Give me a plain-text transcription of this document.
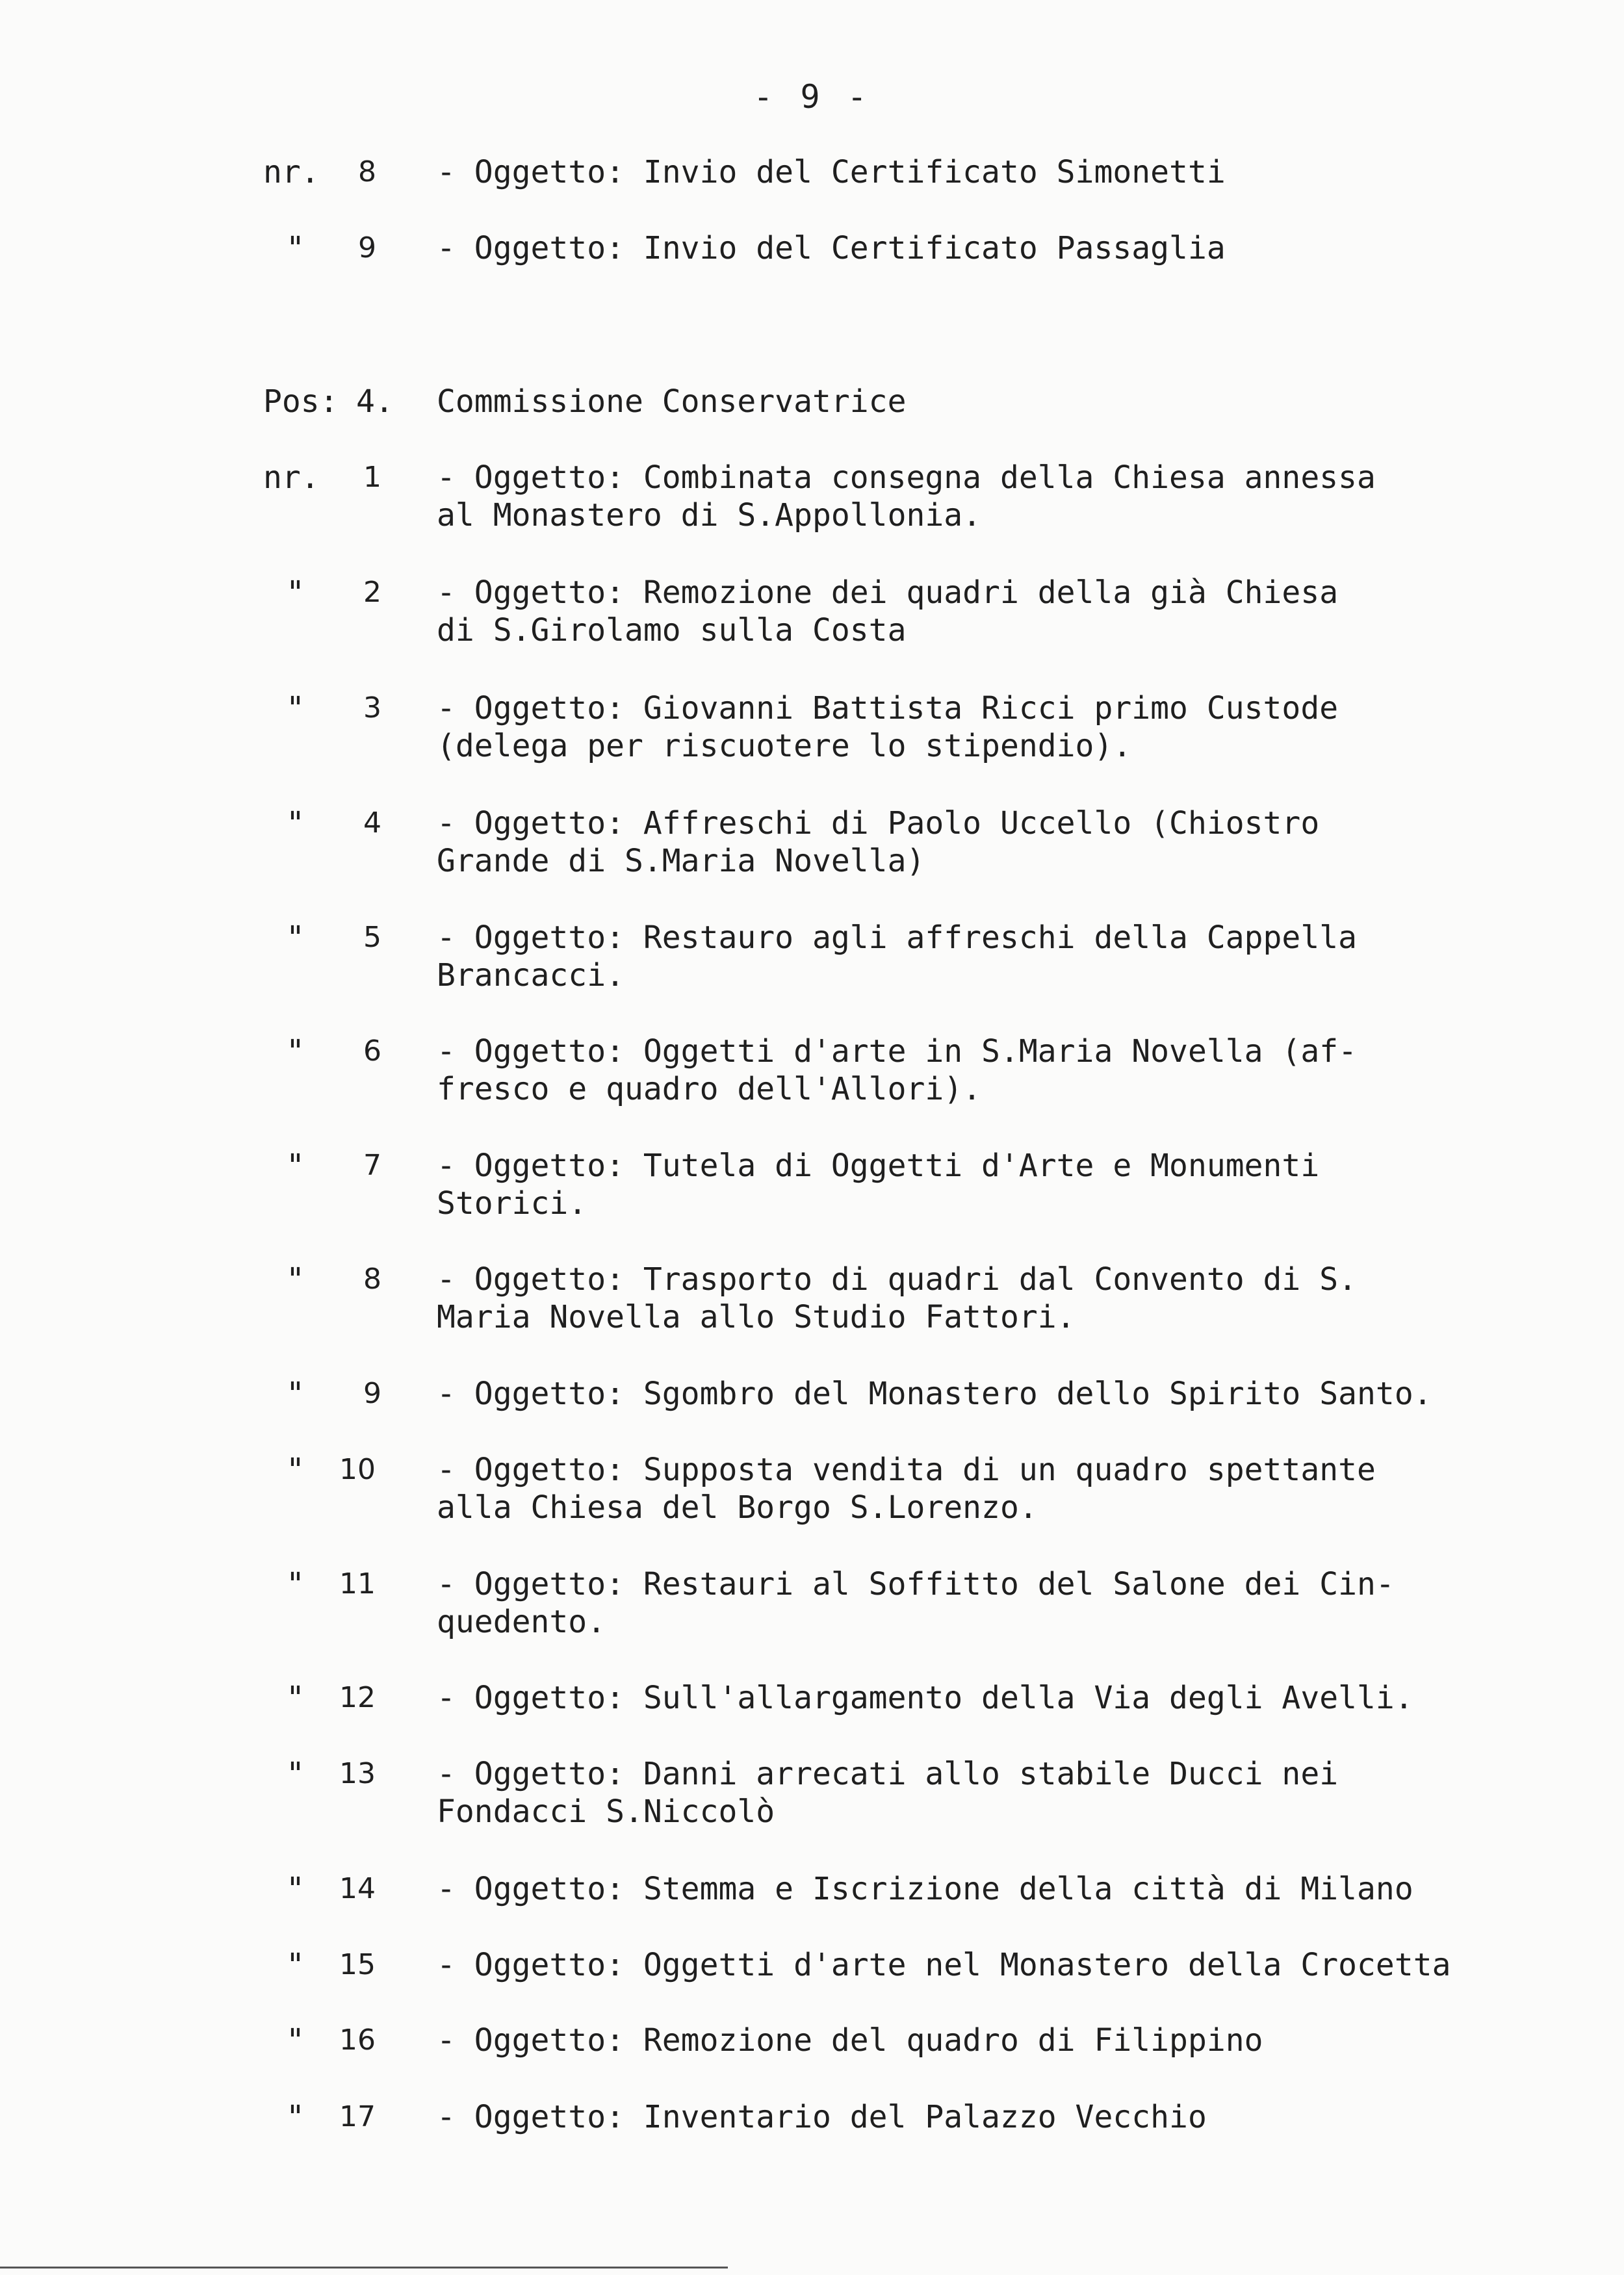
- 9 -
nr.	8	- Oggetto: Invio del Certificato Simonetti
"	9	- Oggetto: Invio del Certificato Passaglia
Pos: 4.	Commissione Conservatrice
nr.	1	- Oggetto: Combinata consegna della Chiesa annessa
al Monastero di S.Appollonia.
"	2	- Oggetto: Remozione dei quadri della già Chiesa
di S.Girolamo sulla Costa
"	3	- Oggetto: Giovanni Battista Ricci primo Custode
(delega per riscuotere lo stipendio).
"	4	- Oggetto: Affreschi di Paolo Uccello (Chiostro
Grande di S.Maria Novella)
"	5	- Oggetto: Restauro agli affreschi della Cappella
Brancacci.
"	6	- Oggetto: Oggetti d'arte in S.Maria Novella (af-
fresco e quadro dell'Allori).
"	7	- Oggetto: Tutela di Oggetti d'Arte e Monumenti
Storici.
"	8	- Oggetto: Trasporto di quadri dal Convento di S.
Maria Novella allo Studio Fattori.
"	9	- Oggetto: Sgombro del Monastero dello Spirito Santo.
"	10	- Oggetto: Supposta vendita di un quadro spettante
alla Chiesa del Borgo S.Lorenzo.
"	11	- Oggetto: Restauri al Soffitto del Salone dei Cin-
quedento.
"	12	- Oggetto: Sull'allargamento della Via degli Avelli.
"	13	- Oggetto: Danni arrecati allo stabile Ducci nei
Fondacci S.Niccolò
"	14	- Oggetto: Stemma e Iscrizione della città di Milano
"	15	- Oggetto: Oggetti d'arte nel Monastero della Crocetta
"	16	- Oggetto: Remozione del quadro di Filippino
"	17	- Oggetto: Inventario del Palazzo Vecchio
